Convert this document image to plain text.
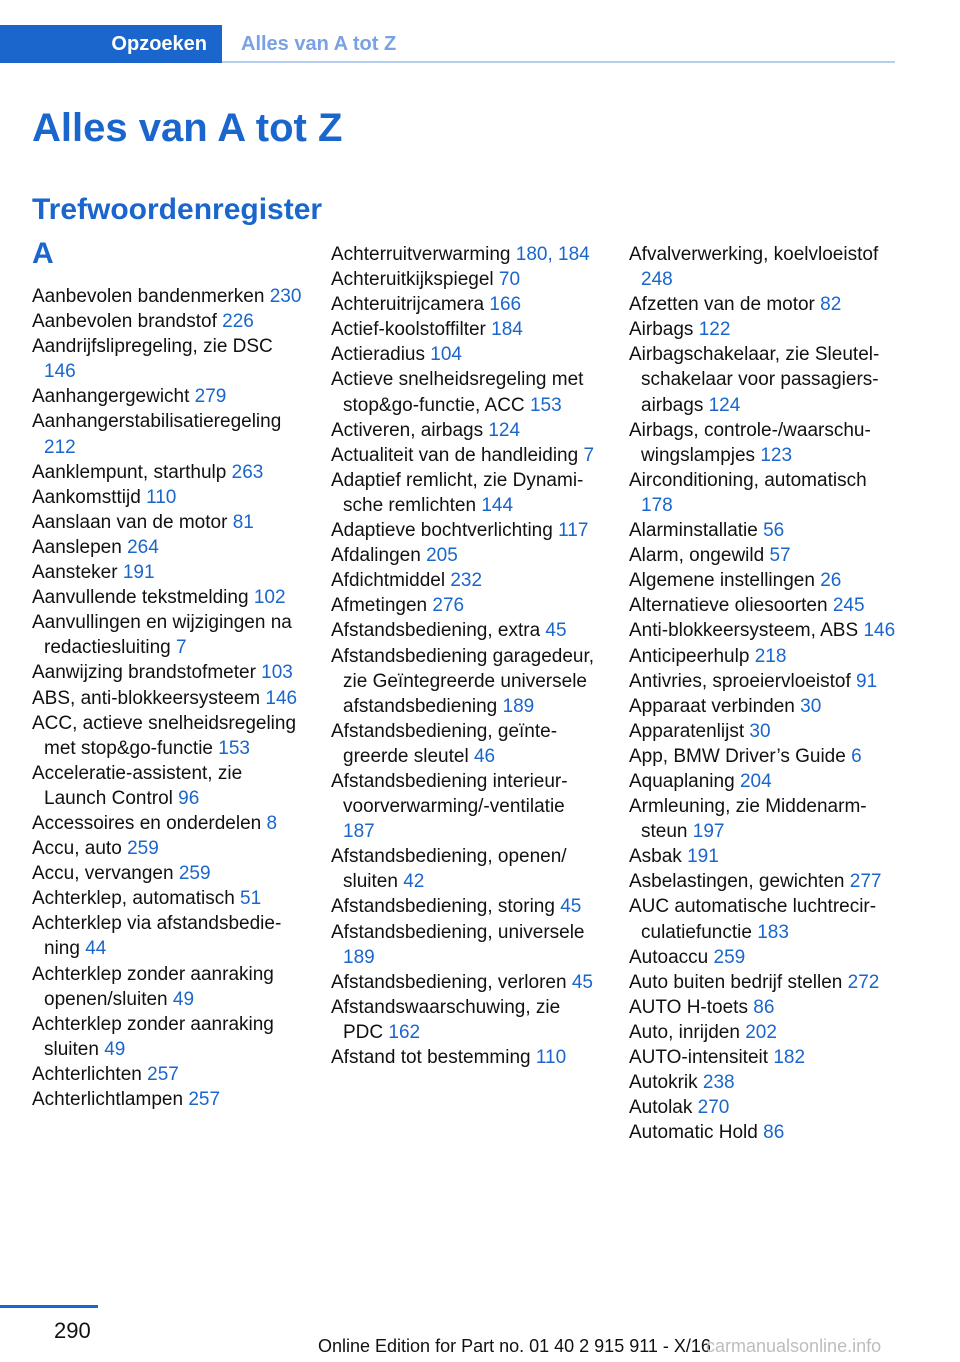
Opzoeken	Alles van A tot Z
Alles van A tot Z
Trefwoordenregister
A
Aanbevolen bandenmerken 230
Aanbevolen brandstof 226
Aandrijfslipregeling, zie DSC 146
Aanhangergewicht 279
Aanhangerstabilisatieregeling 212
Aanklempunt, starthulp 263
Aankomsttijd 110
Aanslaan van de motor 81
Aanslepen 264
Aansteker 191
Aanvullende tekstmelding 102
Aanvullingen en wijzigingen na redactiesluiting 7
Aanwijzing brandstofmeter 103
ABS, anti-blokkeersysteem 146
ACC, actieve snelheidsregeling met stop&go-functie 153
Acceleratie-assistent, zie Launch Control 96
Accessoires en onderdelen 8
Accu, auto 259
Accu, vervangen 259
Achterklep, automatisch 51
Achterklep via afstandsbediening 44
Achterklep zonder aanraking openen/sluiten 49
Achterklep zonder aanraking sluiten 49
Achterlichten 257
Achterlichtlampen 257
Achterruitverwarming 180, 184
Achteruitkijkspiegel 70
Achteruitrijcamera 166
Actief-koolstoffilter 184
Actieradius 104
Actieve snelheidsregeling met stop&go-functie, ACC 153
Activeren, airbags 124
Actualiteit van de handleiding 7
Adaptief remlicht, zie Dynamische remlichten 144
Adaptieve bochtverlichting 117
Afdalingen 205
Afdichtmiddel 232
Afmetingen 276
Afstandsbediening, extra 45
Afstandsbediening garagedeur, zie Geïntegreerde universele afstandsbediening 189
Afstandsbediening, geïntegreerde sleutel 46
Afstandsbediening interieurvoorverwarming/-ventilatie 187
Afstandsbediening, openen/ sluiten 42
Afstandsbediening, storing 45
Afstandsbediening, universele 189
Afstandsbediening, verloren 45
Afstandswaarschuwing, zie PDC 162
Afstand tot bestemming 110
Afvalverwerking, koelvloeistof 248
Afzetten van de motor 82
Airbags 122
Airbagschakelaar, zie Sleutelschakelaar voor passagiersairbags 124
Airbags, controle-/waarschuwingslampjes 123
Airconditioning, automatisch 178
Alarminstallatie 56
Alarm, ongewild 57
Algemene instellingen 26
Alternatieve oliesoorten 245
Anti-blokkeersysteem, ABS 146
Anticipeerhulp 218
Antivries, sproeiervloeistof 91
Apparaat verbinden 30
Apparatenlijst 30
App, BMW Driver’s Guide 6
Aquaplaning 204
Armleuning, zie Middenarmsteun 197
Asbak 191
Asbelastingen, gewichten 277
AUC automatische luchtrecirculatiefunctie 183
Autoaccu 259
Auto buiten bedrijf stellen 272
AUTO H-toets 86
Auto, inrijden 202
AUTO-intensiteit 182
Autokrik 238
Autolak 270
Automatic Hold 86
290
Online Edition for Part no. 01 40 2 915 911 - X/16
carmanualsonline.info
